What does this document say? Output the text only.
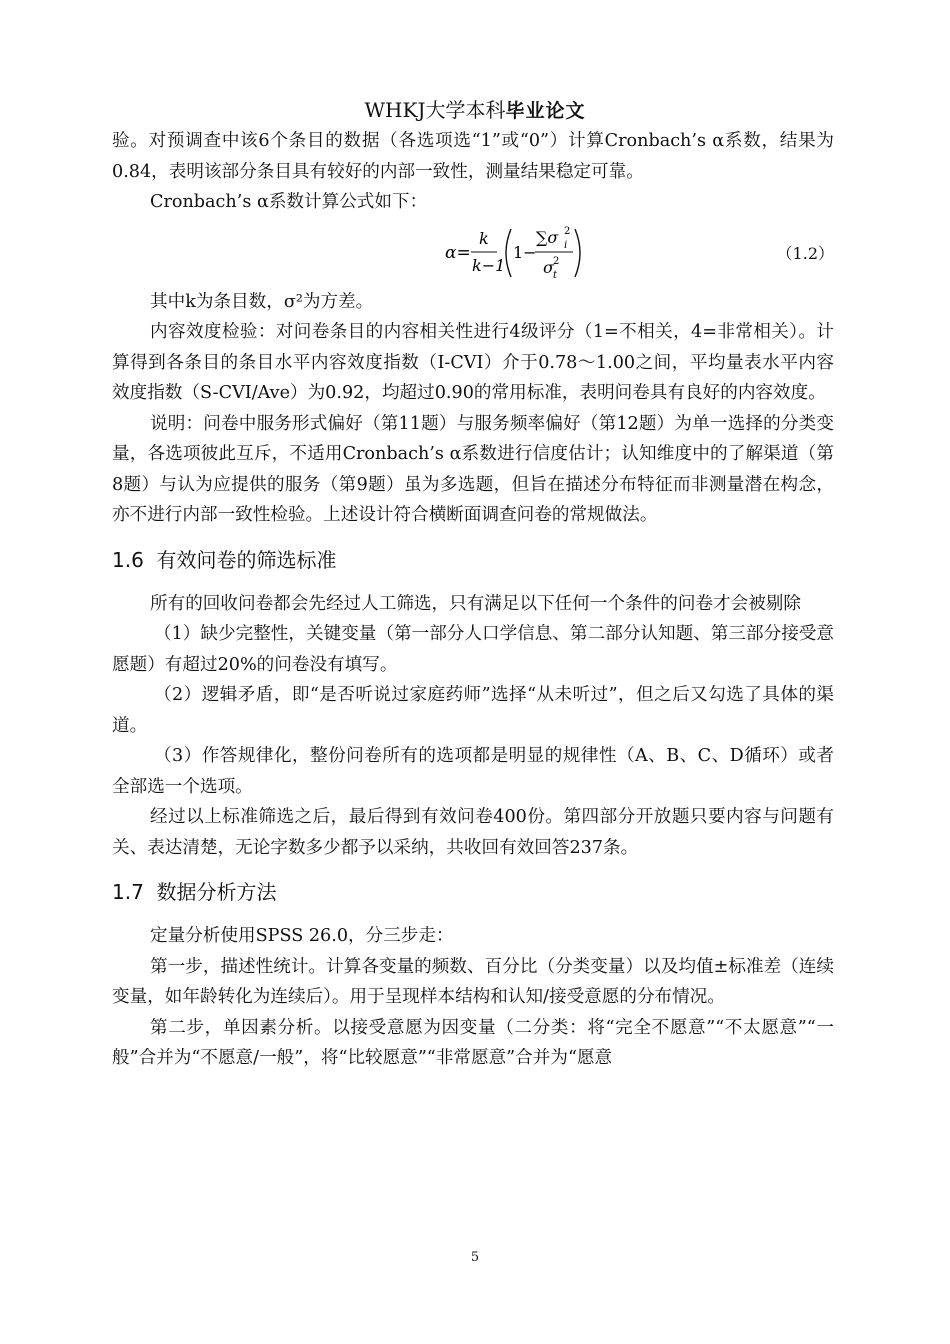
WHKJ大学本科毕业论文

验。对预调查中该6个条目的数据（各选项选“1”或“0”）计算Cronbach’s α系数，结果为0.84，表明该部分条目具有较好的内部一致性，测量结果稳定可靠。

Cronbach’s α系数计算公式如下：

α=
k
k−1
1−
∑σ 2
i
σ 2
t
（1.2）

其中k为条目数，σ²为方差。

内容效度检验：对问卷条目的内容相关性进行4级评分（1=不相关，4=非常相关）。计算得到各条目的条目水平内容效度指数（I-CVI）介于0.78～1.00之间，平均量表水平内容效度指数（S-CVI/Ave）为0.92，均超过0.90的常用标准，表明问卷具有良好的内容效度。

说明：问卷中服务形式偏好（第11题）与服务频率偏好（第12题）为单一选择的分类变量，各选项彼此互斥，不适用Cronbach’s α系数进行信度估计；认知维度中的了解渠道（第8题）与认为应提供的服务（第9题）虽为多选题，但旨在描述分布特征而非测量潜在构念，亦不进行内部一致性检验。上述设计符合横断面调查问卷的常规做法。

1.6 有效问卷的筛选标准

所有的回收问卷都会先经过人工筛选，只有满足以下任何一个条件的问卷才会被剔除

（1）缺少完整性，关键变量（第一部分人口学信息、第二部分认知题、第三部分接受意愿题）有超过20%的问卷没有填写。

（2）逻辑矛盾，即“是否听说过家庭药师”选择“从未听过”，但之后又勾选了具体的渠道。

（3）作答规律化，整份问卷所有的选项都是明显的规律性（A、B、C、D循环）或者全部选一个选项。

经过以上标准筛选之后，最后得到有效问卷400份。第四部分开放题只要内容与问题有关、表达清楚，无论字数多少都予以采纳，共收回有效回答237条。

1.7 数据分析方法

定量分析使用SPSS 26.0，分三步走：

第一步，描述性统计。计算各变量的频数、百分比（分类变量）以及均值±标准差（连续变量，如年龄转化为连续后）。用于呈现样本结构和认知/接受意愿的分布情况。

第二步，单因素分析。以接受意愿为因变量（二分类：将“完全不愿意”“不太愿意”“一般”合并为“不愿意/一般”，将“比较愿意”“非常愿意”合并为“愿意

5
